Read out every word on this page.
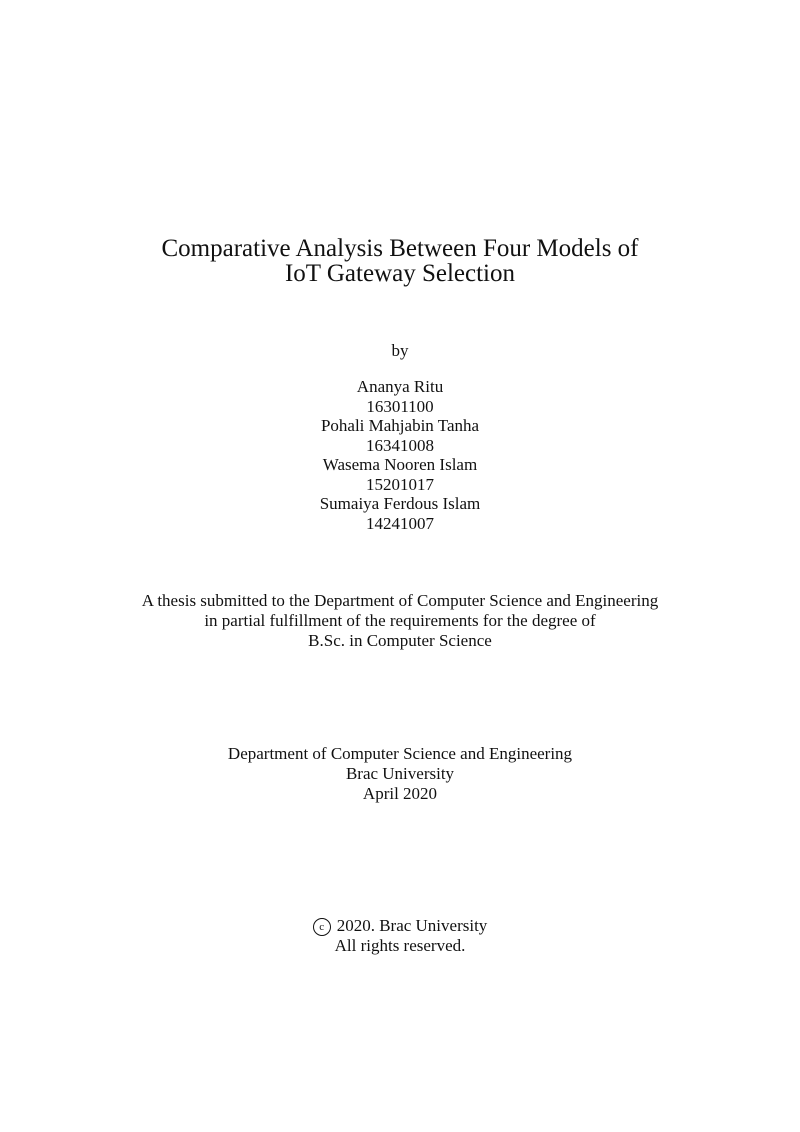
Comparative Analysis Between Four Models of
IoT Gateway Selection
by
Ananya Ritu
16301100
Pohali Mahjabin Tanha
16341008
Wasema Nooren Islam
15201017
Sumaiya Ferdous Islam
14241007
A thesis submitted to the Department of Computer Science and Engineering
in partial fulfillment of the requirements for the degree of
B.Sc. in Computer Science
Department of Computer Science and Engineering
Brac University
April 2020
c 2020. Brac University
All rights reserved.
